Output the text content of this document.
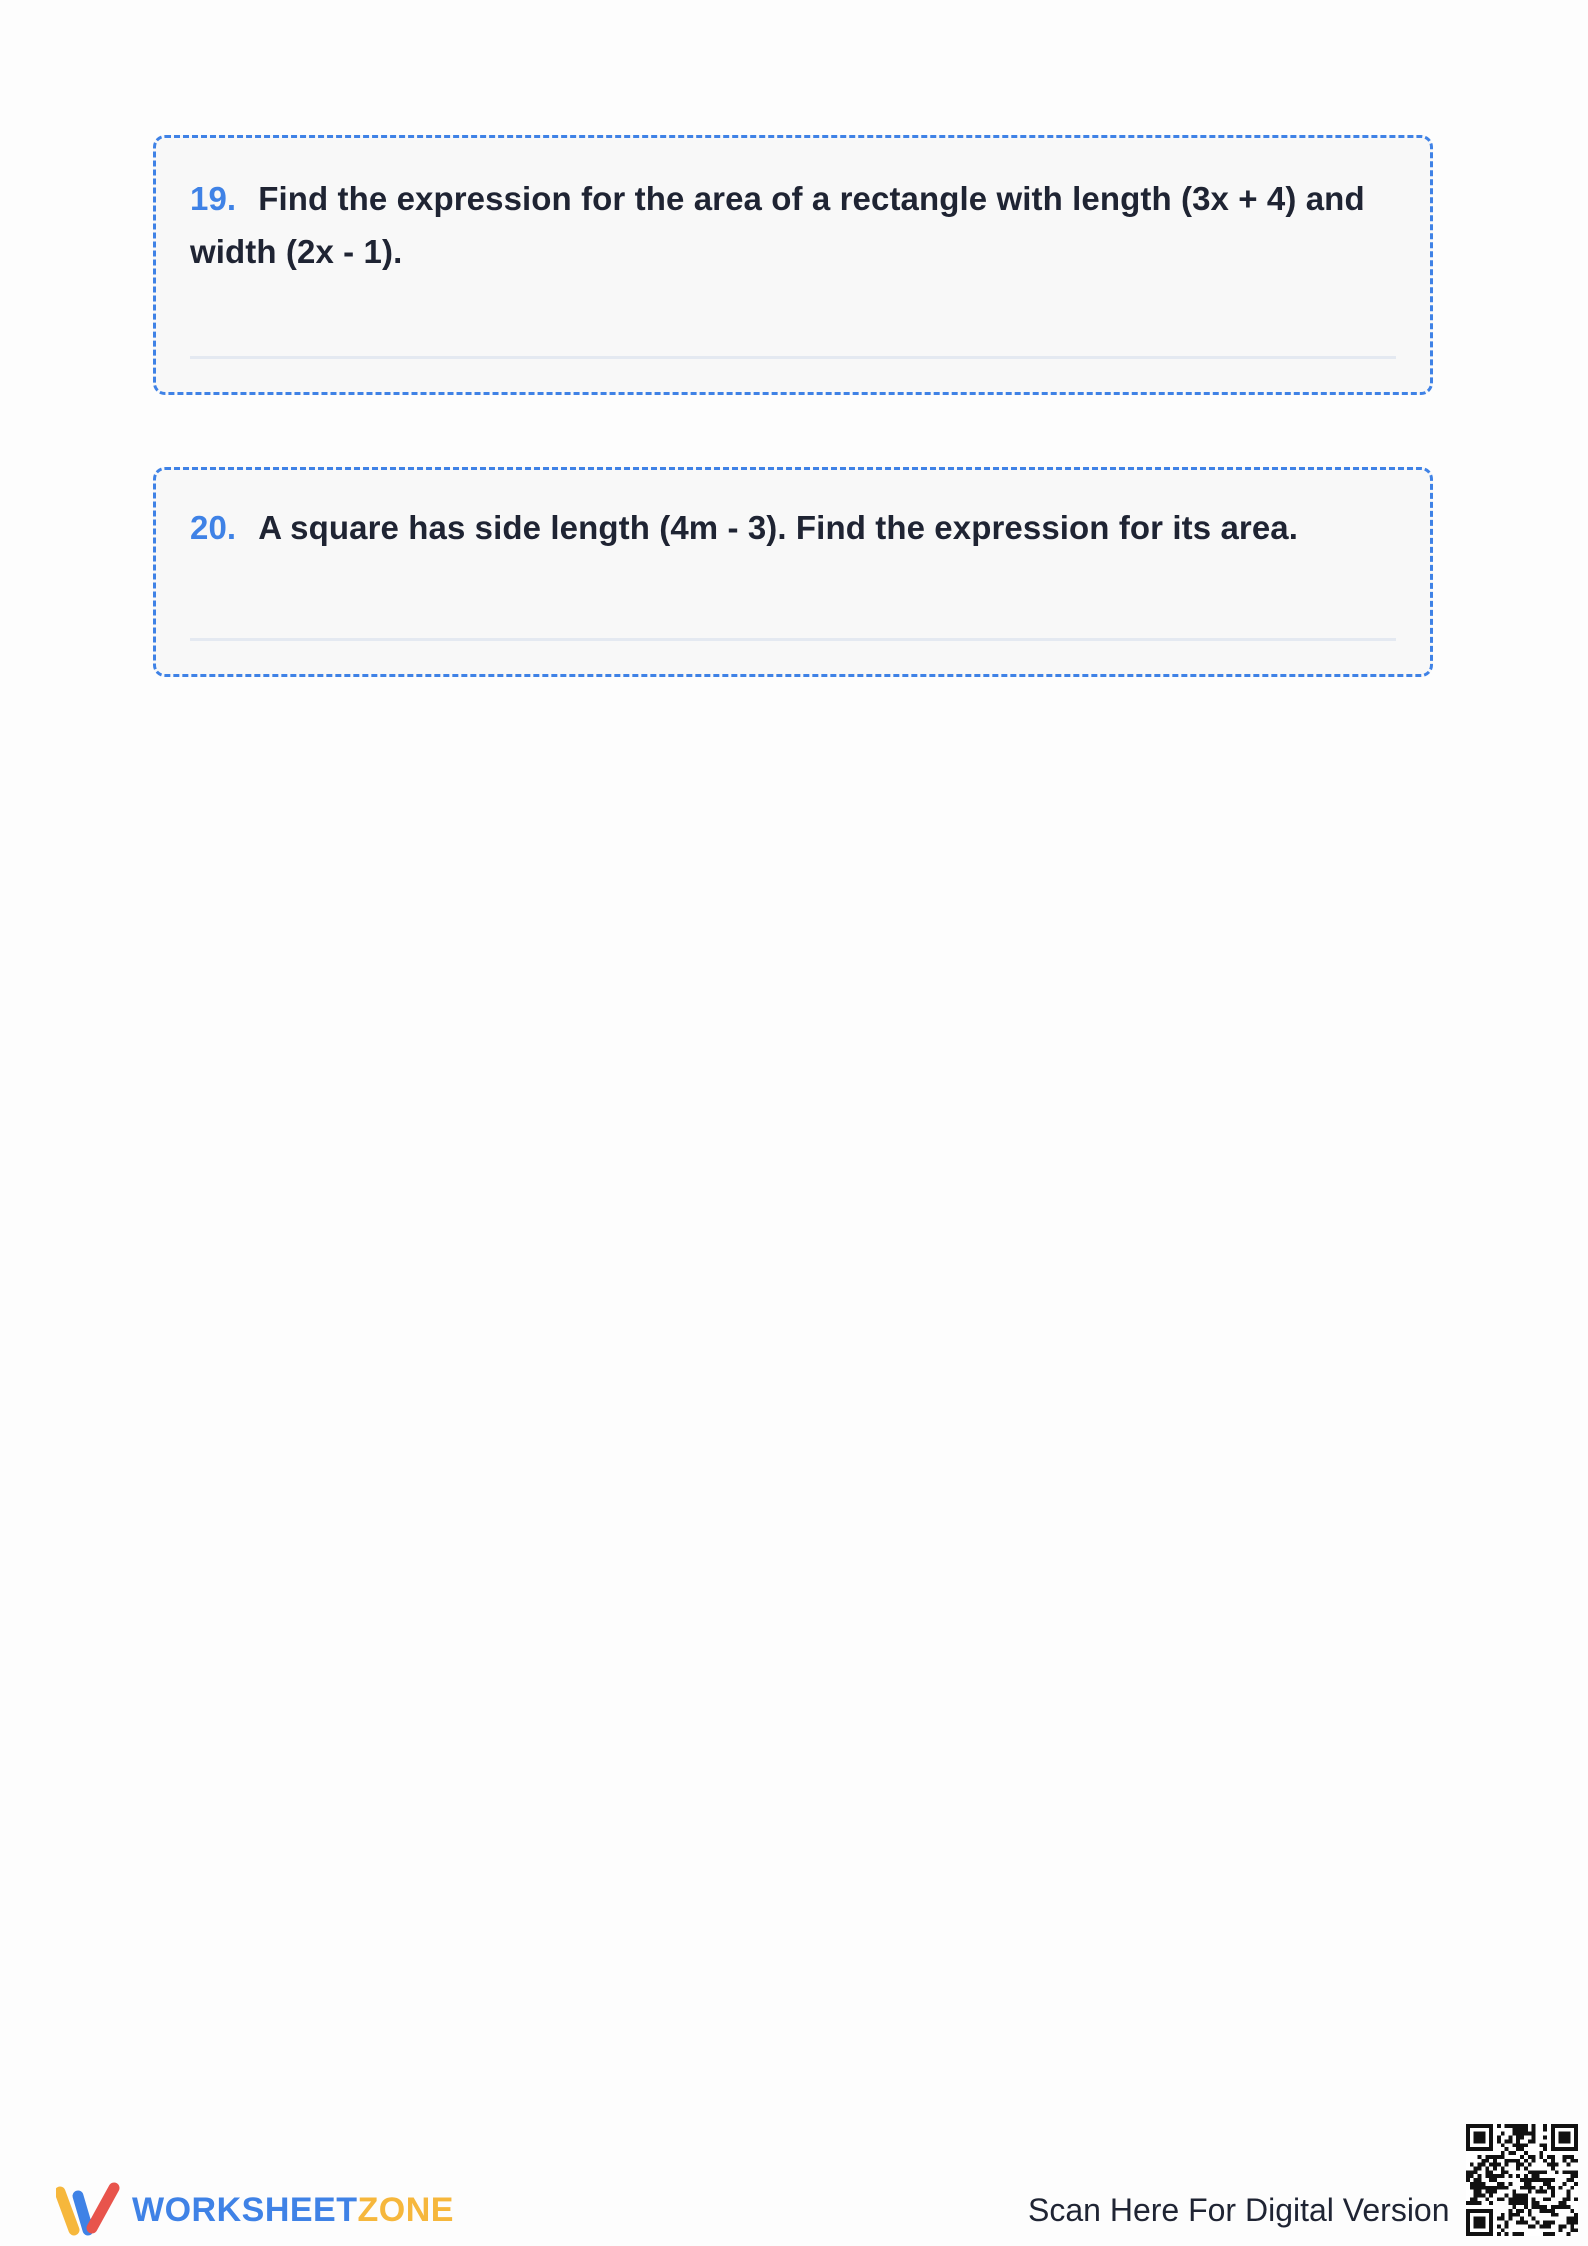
19. Find the expression for the area of a rectangle with length (3x + 4) and width (2x - 1).

20. A square has side length (4m - 3). Find the expression for its area.

WORKSHEETZONE	Scan Here For Digital Version
